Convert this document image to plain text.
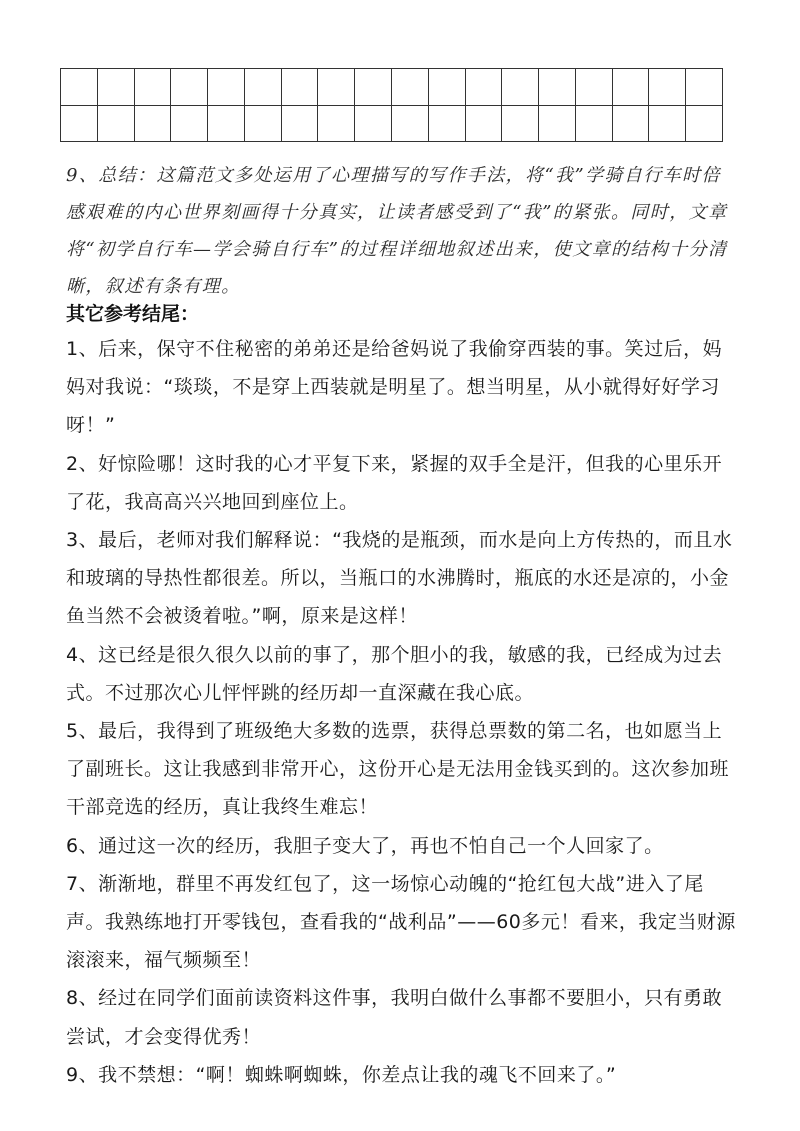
9、总结：这篇范文多处运用了心理描写的写作手法，将“我”学骑自行车时倍感艰难的内心世界刻画得十分真实，让读者感受到了“我”的紧张。同时，文章将“初学自行车—学会骑自行车”的过程详细地叙述出来，使文章的结构十分清晰，叙述有条有理。

其它参考结尾：
1、后来，保守不住秘密的弟弟还是给爸妈说了我偷穿西装的事。笑过后，妈妈对我说：“琰琰，不是穿上西装就是明星了。想当明星，从小就得好好学习呀！”
2、好惊险哪！这时我的心才平复下来，紧握的双手全是汗，但我的心里乐开了花，我高高兴兴地回到座位上。
3、最后，老师对我们解释说：“我烧的是瓶颈，而水是向上方传热的，而且水和玻璃的导热性都很差。所以，当瓶口的水沸腾时，瓶底的水还是凉的，小金鱼当然不会被烫着啦。”啊，原来是这样！
4、这已经是很久很久以前的事了，那个胆小的我，敏感的我，已经成为过去式。不过那次心儿怦怦跳的经历却一直深藏在我心底。
5、最后，我得到了班级绝大多数的选票，获得总票数的第二名，也如愿当上了副班长。这让我感到非常开心，这份开心是无法用金钱买到的。这次参加班干部竞选的经历，真让我终生难忘！
6、通过这一次的经历，我胆子变大了，再也不怕自己一个人回家了。
7、渐渐地，群里不再发红包了，这一场惊心动魄的“抢红包大战”进入了尾声。我熟练地打开零钱包，查看我的“战利品”——60多元！看来，我定当财源滚滚来，福气频频至！
8、经过在同学们面前读资料这件事，我明白做什么事都不要胆小，只有勇敢尝试，才会变得优秀！
9、我不禁想：“啊！蜘蛛啊蜘蛛，你差点让我的魂飞不回来了。”
